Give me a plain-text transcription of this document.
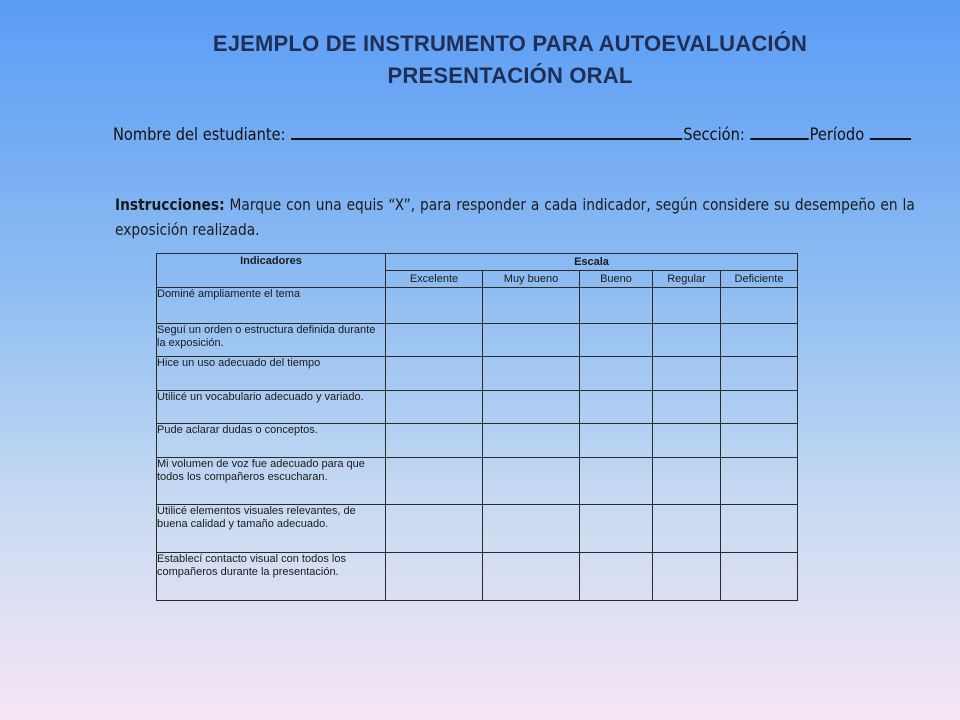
EJEMPLO DE INSTRUMENTO PARA AUTOEVALUACIÓN
PRESENTACIÓN ORAL
Nombre del estudiante:	Sección:	Período
Instrucciones: Marque con una equis “X”, para responder a cada indicador, según considere su desempeño en la exposición realizada.
Indicadores	Escala				
	Excelente	Muy bueno	Bueno	Regular	Deficiente
Dominé ampliamente el tema					
Seguí un orden o estructura definida durante la exposición.					
Hice un uso adecuado del tiempo					
Utilicé un vocabulario adecuado y variado.					
Pude aclarar dudas o conceptos.					
Mi volumen de voz fue adecuado para que todos los compañeros escucharan.					
Utilicé elementos visuales relevantes, de buena calidad y tamaño adecuado.					
Establecí contacto visual con todos los compañeros durante la presentación.					
